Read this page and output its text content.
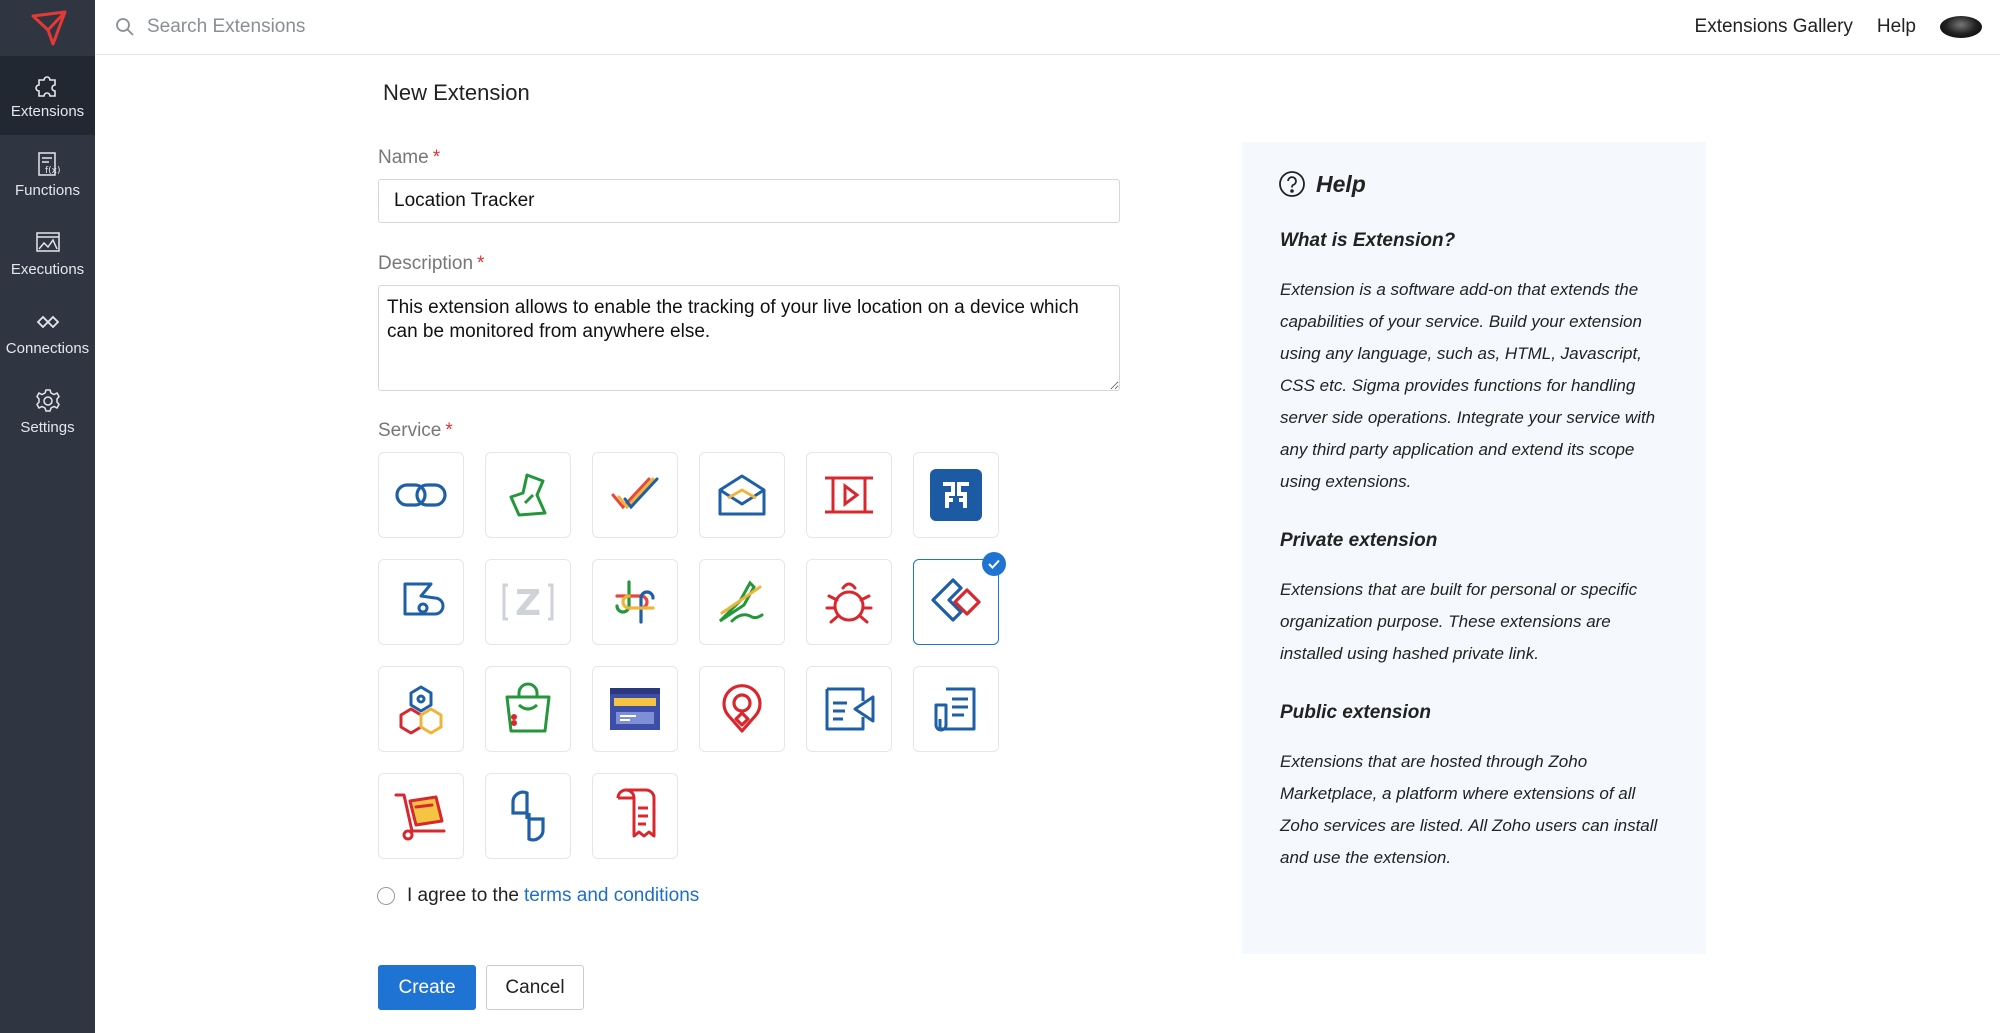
Extensions
f(x)
Functions
Executions
Connections
Settings
Search Extensions
Extensions Gallery Help
New Extension
Name *
Location Tracker
Description *
This extension allows to enable the tracking of your live location on a device which can be monitored from anywhere else.
Service *
Z
I agree to the terms and conditions
Create	Cancel
Help
What is Extension?
Extension is a software add-on that extends the capabilities of your service. Build your extension using any language, such as, HTML, Javascript, CSS etc. Sigma provides functions for handling server side operations. Integrate your service with any third party application and extend its scope using extensions.
Private extension
Extensions that are built for personal or specific organization purpose. These extensions are installed using hashed private link.
Public extension
Extensions that are hosted through Zoho Marketplace, a platform where extensions of all Zoho services are listed. All Zoho users can install and use the extension.
